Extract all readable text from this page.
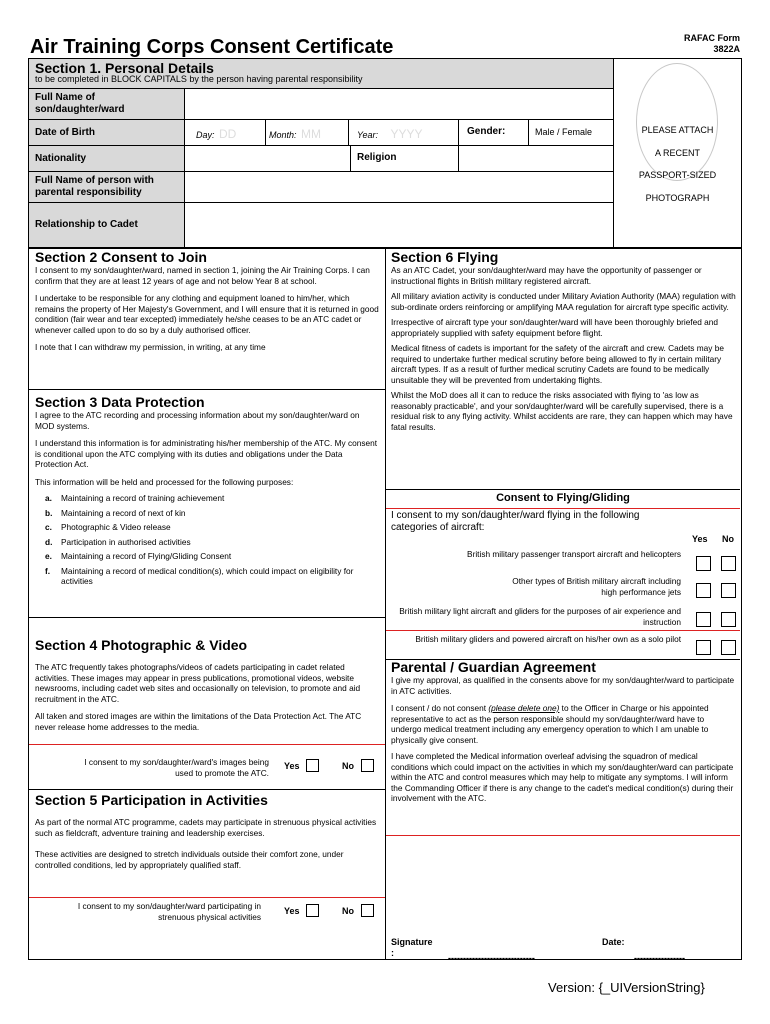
Air Training Corps Consent Certificate	RAFAC Form
3822A
Section 1. Personal Details
to be completed in BLOCK CAPITALS by the person having parental responsibility
Full Name of son/daughter/ward
Date of Birth	Day: DD	Month: MM	Year: YYYY	Gender:	Male / Female
Nationality	Religion
Full Name of person with parental responsibility
Relationship to Cadet
PLEASE ATTACH
A RECENT
PASSPORT-SIZED
PHOTOGRAPH
Section 2 Consent to Join
I consent to my son/daughter/ward, named in section 1, joining the Air Training Corps. I can confirm that they are at least 12 years of age and not below Year 8 at school.
I undertake to be responsible for any clothing and equipment loaned to him/her, which remains the property of Her Majesty's Government, and I will ensure that it is returned in good condition (fair wear and tear excepted) immediately he/she ceases to be an ATC cadet or whenever called upon to do so by a duly authorised officer.
I note that I can withdraw my permission, in writing, at any time
Section 3 Data Protection
I agree to the ATC recording and processing information about my son/daughter/ward on MOD systems.
I understand this information is for administrating his/her membership of the ATC. My consent is conditional upon the ATC complying with its duties and obligations under the Data Protection Act.
This information will be held and processed for the following purposes:
a. Maintaining a record of training achievement
b. Maintaining a record of next of kin
c. Photographic & Video release
d. Participation in authorised activities
e. Maintaining a record of Flying/Gliding Consent
f. Maintaining a record of medical condition(s), which could impact on eligibility for activities
Section 4 Photographic & Video
The ATC frequently takes photographs/videos of cadets participating in cadet related activities. These images may appear in press publications, promotional videos, website newsrooms, including cadet web sites and occasionally on television, to promote and aid recruitment in the ATC.
All taken and stored images are within the limitations of the Data Protection Act. The ATC never release home addresses to the media.
I consent to my son/daughter/ward's images being used to promote the ATC.
Yes	No
Section 5 Participation in Activities
As part of the normal ATC programme, cadets may participate in strenuous physical activities such as fieldcraft, adventure training and leadership exercises.
These activities are designed to stretch individuals outside their comfort zone, under controlled conditions, led by appropriately qualified staff.
I consent to my son/daughter/ward participating in strenuous physical activities
Yes	No
Section 6 Flying
As an ATC Cadet, your son/daughter/ward may have the opportunity of passenger or instructional flights in British military registered aircraft.
All military aviation activity is conducted under Military Aviation Authority (MAA) regulation with sub-ordinate orders reinforcing or amplifying MAA regulation for aircraft type specific activity.
Irrespective of aircraft type your son/daughter/ward will have been thoroughly briefed and appropriately supplied with safety equipment before flight.
Medical fitness of cadets is important for the safety of the aircraft and crew. Cadets may be required to undertake further medical scrutiny before being allowed to fly in certain military aircraft types. If as a result of further medical scrutiny Cadets are found to be medically unsuitable they will be prevented from undertaking flights.
Whilst the MoD does all it can to reduce the risks associated with flying to 'as low as reasonably practicable', and your son/daughter/ward will be carefully supervised, there is a residual risk to any flying activity. Whilst accidents are rare, they can happen which may have fatal results.
Consent to Flying/Gliding
I consent to my son/daughter/ward flying in the following categories of aircraft:
Yes No
British military passenger transport aircraft and helicopters
Other types of British military aircraft including high performance jets
British military light aircraft and gliders for the purposes of air experience and instruction
British military gliders and powered aircraft on his/her own as a solo pilot
Parental / Guardian Agreement
I give my approval, as qualified in the consents above for my son/daughter/ward to participate in ATC activities.
I consent / do not consent (please delete one) to the Officer in Charge or his appointed representative to act as the person responsible should my son/daughter/ward have to undergo medical treatment including any emergency operation to which I am unable to physically give consent.
I have completed the Medical information overleaf advising the squadron of medical conditions which could impact on the activities in which my son/daughter/ward can participate within the ATC and control measures which may help to mitigate any symptoms. I will inform the Commanding Officer if there is any change to the cadet's medical condition(s) during their involvement with the ATC.
Signature
:	-----------------------------
Date:
-----------------
Version: {_UIVersionString}
